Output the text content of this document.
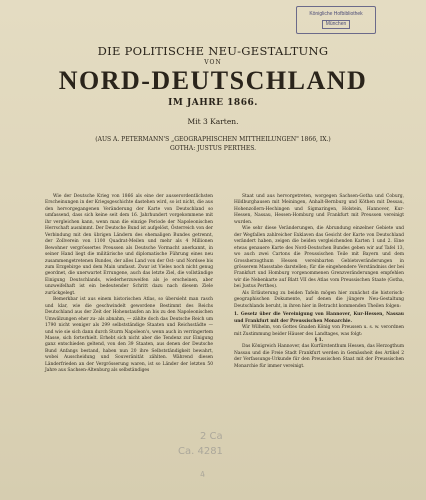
Königliche Hofbibliothek
München
DIE POLITISCHE NEU-GESTALTUNG
VON
NORD-DEUTSCHLAND
IM JAHRE 1866.
Mit 3 Karten.
(AUS A. PETERMANN'S „GEOGRAPHISCHEN MITTHEILUNGEN" 1866, IX.)
GOTHA: JUSTUS PERTHES.

Wie der Deutsche Krieg von 1866 als eine der ausserordentlichsten Erscheinungen in der Kriegsgeschichte dastehen wird, so ist nicht, die aus den hervorgegangenen Veränderung der Karte von Deutschland so umfassend, dass sich keine seit dem 16. Jahrhundert vorgekommene mit ihr vergleichen kann, wenn man die einzige Periode der Napoleonischen Herrschaft ausnimmt. Der Deutsche Bund ist aufgelöst, Österreich von der Verbindung mit den übrigen Ländern des ehemaligen Bundes getrennt, der Zollverein von 1100 Quadrat-Meilen und mehr als 4 Millionen Bewohner vergrössertes Preussen als Deutsche Vormacht anerkannt, in seiner Hand liegt die militärische und diplomatische Führung eines neu zusammengetretenen Bundes, der alles Land von der Ost- und Nordsee bis zum Erzgebirge und dem Main umfasst. Zwar ist Vieles noch nicht genug geordnet, die unerwartet Errungene, auch das letzte Ziel, die vollständige Einigung Deutschlands, wiederherzuweifen als je erscheinen, aber unzweifelhaft ist ein bedeutender Schritt dazu nach diesem Ziele zurückgelegt.

Bemerkbar ist aus einem historischen Atlas, so übersieht man rasch und klar, wie die geschwindelt gewordene Bestimmt des Reichs Deutschland aus der Zeit der Hohenstaufen an bis zu den Napoleonischen Umwälzungen eher zu- als abnahm, — zählte doch das Deutsche Reich um 1790 nicht weniger als 299 selbstständige Staaten und Reichsstädte — und wie sie sich dann durch Sturm Napoleon's, wenn auch in verringertem Masse, sich forterhielt. Erhebt sich nicht aber die Tendenz zur Einigung ganz entschieden geltend, von den 39 Staaten, aus denen der Deutsche Bund Anfangs bestand, haben nun 20 ihre Selbstständigkeit bewahrt, wobei Ausscheidung und Souveränität zählten. Während diesen Länderfrieden an der Vergrösserung waren, ist so Länder der letzten 50 Jahre aus Sachsen-Altenburg als selbständiges

Staat und aus hervorgetreten, worgegen Sachsen-Gotha und Coburg, Hildburghausen mit Meiningen, Anhalt-Bernburg und Köthen mit Dessau, Hohenzollern-Hechingen und Sigmaringen, Holstein, Hannover, Kur-Hessen, Nassau, Hessen-Homburg und Frankfurt mit Preussen vereinigt wurden.

Wie sehr diese Veränderungen, die Abrundung einzelner Gebiete und der Wegfallen zahlreicher Exklaven das Gesicht der Karte von Deutschland verändert haben, zeigen die beiden vergleichenden Karten 1 und 2. Eine etwas genauere Karte des Nord-Deutschen Bundes geben wir auf Tafel 13, wo auch zwei Cartons die Preussischen Teile mit Bayern und dem Grossherzogthum Hessen vereinbarten Gebietsveränderungen in grösserem Massstabe darstellen; für die eingehendere Verständniss der bei Frankfurt und Homburg vorgenommenen Grenzveränderungen empfehlen wir die Nebenkarte auf Blatt VII des Atlas vom Preussischen Staate (Gotha, bei Justus Perthes).

Als Erläuterung zu beiden Tafeln mögen hier zunächst die historisch-geographischen Dokumente, auf denen die jüngere Neu-Gestaltung Deutschlands beruht, in ihren hier in Betracht kommenden Theilen folgen:

1. Gesetz über die Vereinigung von Hannover, Kur-Hessen, Nassau und Frankfurt mit der Preussischen Monarchie.

Wir Wilhelm, von Gottes Gnaden König von Preussen u. s. w. verordnen mit Zustimmung beider Häuser des Landtages, was folgt:

§ 1.

Das Königreich Hannover, das Kurfürstenthum Hessen, das Herzogthum Nassau und die Freie Stadt Frankfurt werden in Gemässheit des Artikel 2 der Verfassungs-Urkunde für den Preussischen Staat mit der Preussischen Monarchie für immer vereinigt.

2 Ca
Ca. 4281
4
